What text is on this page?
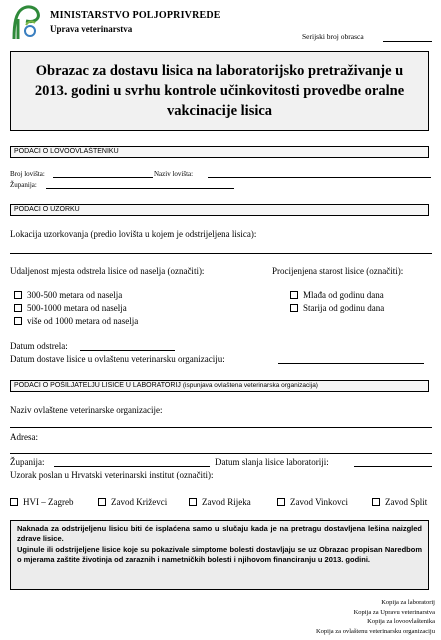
MINISTARSTVO POLJOPRIVREDE
Uprava veterinarstva
Serijski broj obrasca
Obrazac za dostavu lisica na laboratorijsko pretraživanje u 2013. godini u svrhu kontrole učinkovitosti provedbe oralne vakcinacije lisica
PODACI O LOVOOVLAŠTENIKU
Broj lovišta:	Naziv lovišta:
Županija:
PODACI O UZORKU
Lokacija uzorkovanja (predio lovišta u kojem je odstrijeljena lisica):
Udaljenost mjesta odstrela lisice od naselja (označiti):	Procijenjena starost lisice (označiti):
300-500 metara od naselja
500-1000 metara od naselja
više od 1000 metara od naselja
Mlađa od godinu dana
Starija od godinu dana
Datum odstrela:
Datum dostave lisice u ovlaštenu veterinarsku organizaciju:
PODACI O POŠILJATELJU LISICE U LABORATORIJ (ispunjava ovlaštena veterinarska organizacija)
Naziv ovlaštene veterinarske organizacije:
Adresa:
Županija:	Datum slanja lisice laboratoriji:
Uzorak poslan u Hrvatski veterinarski institut (označiti):
HVI – Zagreb	Zavod Križevci	Zavod Rijeka	Zavod Vinkovci	Zavod Split

Naknada za odstrijeljenu lisicu biti će isplaćena samo u slučaju kada je na pretragu dostavljena lešina naizgled zdrave lisice.

Uginule ili odstrijeljene lisice koje su pokazivale simptome bolesti dostavljaju se uz Obrazac propisan Naredbom o mjerama zaštite životinja od zaraznih i nametničkih bolesti i njihovom financiranju u 2013. godini.

Kopija za laboratorij
Kopija za Upravu veterinarstva
Kopija za lovoovlaštenika
Kopija za ovlaštenu veterinarsku organizaciju
